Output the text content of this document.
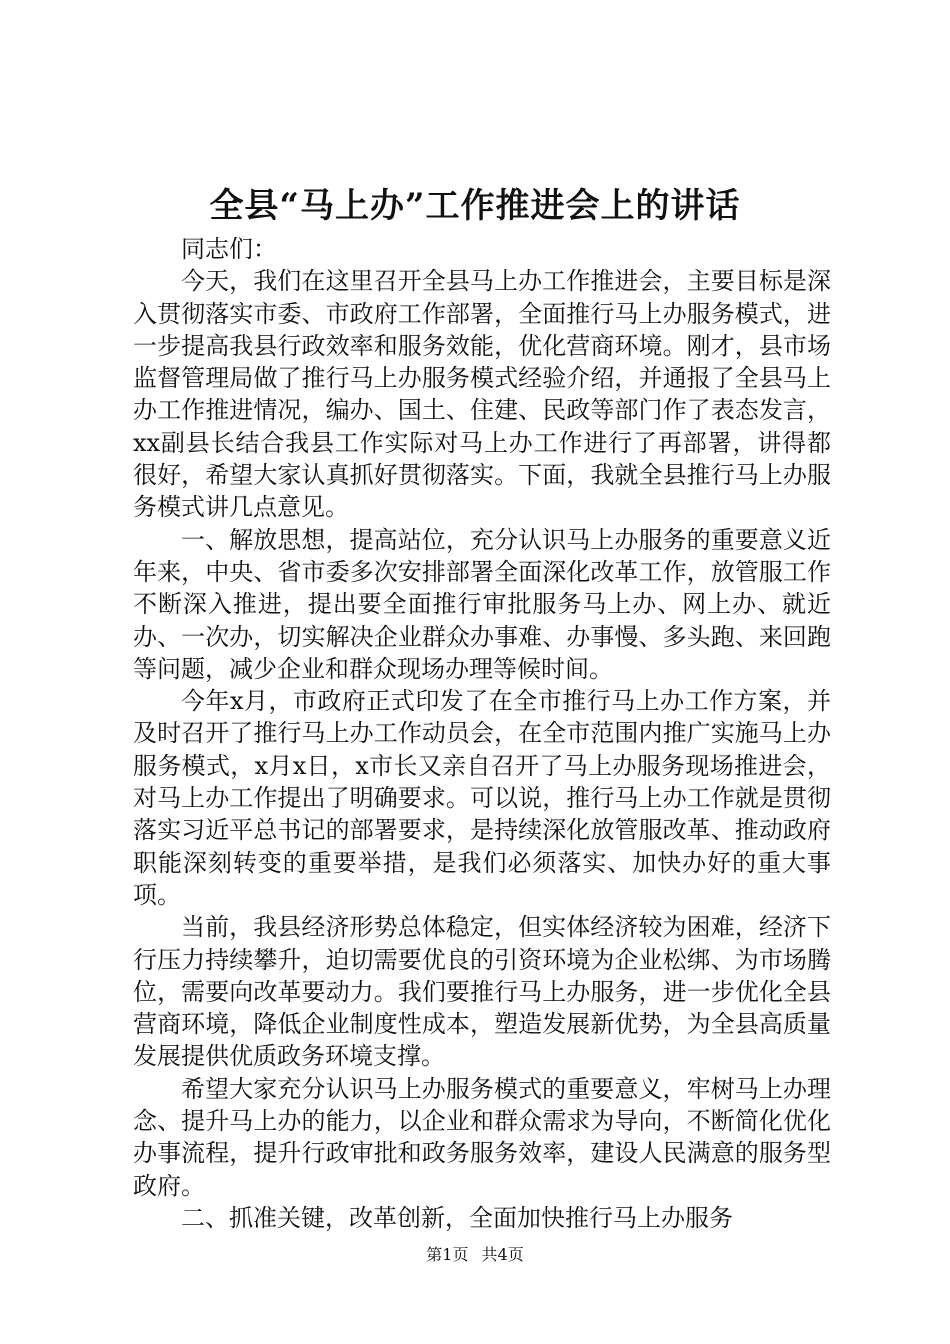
全县“马上办”工作推进会上的讲话

同志们：

今天，我们在这里召开全县马上办工作推进会，主要目标是深入贯彻落实市委、市政府工作部署，全面推行马上办服务模式，进一步提高我县行政效率和服务效能，优化营商环境。刚才，县市场监督管理局做了推行马上办服务模式经验介绍，并通报了全县马上办工作推进情况，编办、国土、住建、民政等部门作了表态发言，xx副县长结合我县工作实际对马上办工作进行了再部署，讲得都很好，希望大家认真抓好贯彻落实。下面，我就全县推行马上办服务模式讲几点意见。

一、解放思想，提高站位，充分认识马上办服务的重要意义近年来，中央、省市委多次安排部署全面深化改革工作，放管服工作不断深入推进，提出要全面推行审批服务马上办、网上办、就近办、一次办，切实解决企业群众办事难、办事慢、多头跑、来回跑等问题，减少企业和群众现场办理等候时间。

今年x月，市政府正式印发了在全市推行马上办工作方案，并及时召开了推行马上办工作动员会，在全市范围内推广实施马上办服务模式，x月x日，x市长又亲自召开了马上办服务现场推进会，对马上办工作提出了明确要求。可以说，推行马上办工作就是贯彻落实习近平总书记的部署要求，是持续深化放管服改革、推动政府职能深刻转变的重要举措，是我们必须落实、加快办好的重大事项。

当前，我县经济形势总体稳定，但实体经济较为困难，经济下行压力持续攀升，迫切需要优良的引资环境为企业松绑、为市场腾位，需要向改革要动力。我们要推行马上办服务，进一步优化全县营商环境，降低企业制度性成本，塑造发展新优势，为全县高质量发展提供优质政务环境支撑。

希望大家充分认识马上办服务模式的重要意义，牢树马上办理念、提升马上办的能力，以企业和群众需求为导向，不断简化优化办事流程，提升行政审批和政务服务效率，建设人民满意的服务型政府。

二、抓准关键，改革创新，全面加快推行马上办服务

第1页 共4页
